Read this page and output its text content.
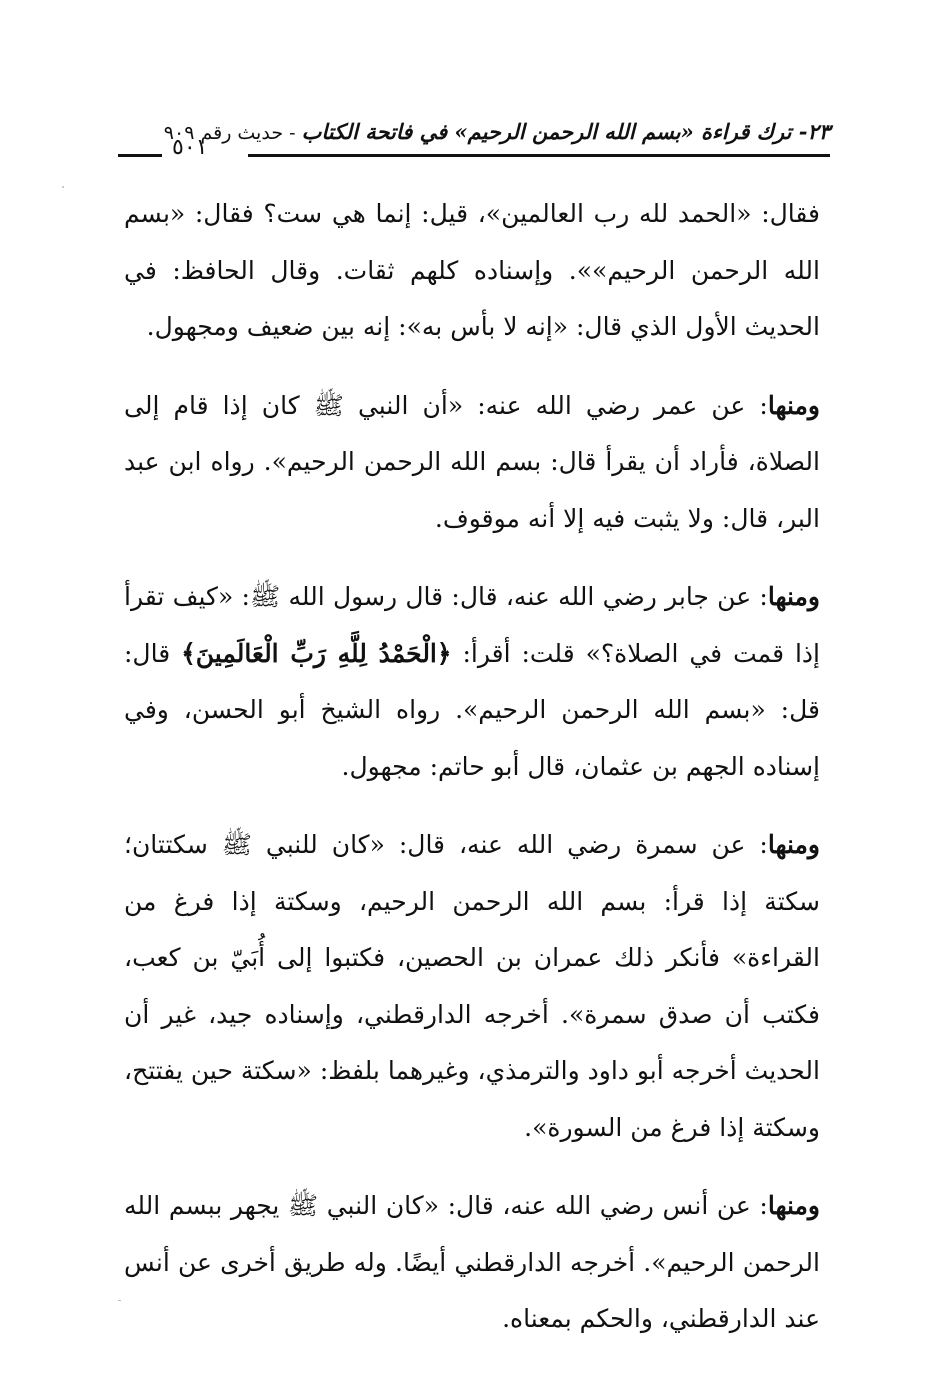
٢٣- ترك قراءة «بسم الله الرحمن الرحيم» في فاتحة الكتاب - حديث رقم ٩٠٩
٥٠١

فقال: «الحمد لله رب العالمين»، قيل: إنما هي ست؟ فقال: «بسم الله الرحمن الرحيم»». وإسناده كلهم ثقات. وقال الحافظ: في الحديث الأول الذي قال: «إنه لا بأس به»: إنه بين ضعيف ومجهول.

ومنها: عن عمر رضي الله عنه: «أن النبي ﷺ كان إذا قام إلى الصلاة، فأراد أن يقرأ قال: بسم الله الرحمن الرحيم». رواه ابن عبد البر، قال: ولا يثبت فيه إلا أنه موقوف.

ومنها: عن جابر رضي الله عنه، قال: قال رسول الله ﷺ: «كيف تقرأ إذا قمت في الصلاة؟» قلت: أقرأ: ﴿الْحَمْدُ لِلَّهِ رَبِّ الْعَالَمِينَ﴾ قال: قل: «بسم الله الرحمن الرحيم». رواه الشيخ أبو الحسن، وفي إسناده الجهم بن عثمان، قال أبو حاتم: مجهول.

ومنها: عن سمرة رضي الله عنه، قال: «كان للنبي ﷺ سكتتان؛ سكتة إذا قرأ: بسم الله الرحمن الرحيم، وسكتة إذا فرغ من القراءة» فأنكر ذلك عمران بن الحصين، فكتبوا إلى أُبَيّ بن كعب، فكتب أن صدق سمرة». أخرجه الدارقطني، وإسناده جيد، غير أن الحديث أخرجه أبو داود والترمذي، وغيرهما بلفظ: «سكتة حين يفتتح، وسكتة إذا فرغ من السورة».

ومنها: عن أنس رضي الله عنه، قال: «كان النبي ﷺ يجهر ببسم الله الرحمن الرحيم». أخرجه الدارقطني أيضًا. وله طريق أخرى عن أنس عند الدارقطني، والحكم بمعناه.
